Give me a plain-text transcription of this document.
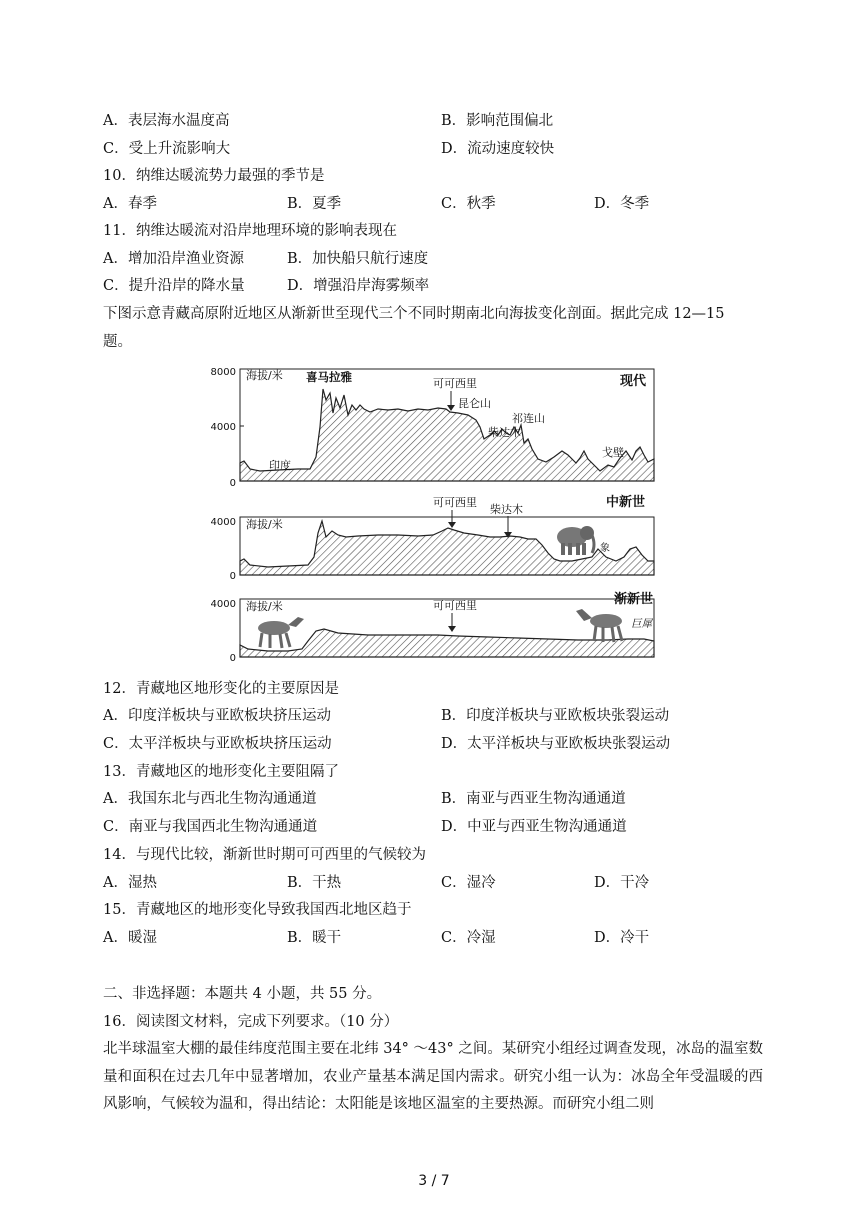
A．表层海水温度高	B．影响范围偏北
C．受上升流影响大	D．流动速度较快
10．纳维达暖流势力最强的季节是
A．春季	B．夏季	C．秋季	D．冬季
11．纳维达暖流对沿岸地理环境的影响表现在
A．增加沿岸渔业资源	B．加快船只航行速度
C．提升沿岸的降水量	D．增强沿岸海雾频率
下图示意青藏高原附近地区从渐新世至现代三个不同时期南北向海拔变化剖面。据此完成 12—15
题。
8000
4000
0
海拔/米 喜马拉雅	可可西里
昆仑山
祁连山
柴达木
印度
戈壁
现代
4000
0
海拔/米
可可西里
柴达木
象
中新世
4000
0
海拔/米	可可西里
巨犀
渐新世
12．青藏地区地形变化的主要原因是
A．印度洋板块与亚欧板块挤压运动	B．印度洋板块与亚欧板块张裂运动
C．太平洋板块与亚欧板块挤压运动	D．太平洋板块与亚欧板块张裂运动
13．青藏地区的地形变化主要阻隔了
A．我国东北与西北生物沟通通道	B．南亚与西亚生物沟通通道
C．南亚与我国西北生物沟通通道	D．中亚与西亚生物沟通通道
14．与现代比较，渐新世时期可可西里的气候较为
A．湿热	B．干热	C．湿冷	D．干冷
15．青藏地区的地形变化导致我国西北地区趋于
A．暖湿	B．暖干	C．冷湿	D．冷干
二、非选择题：本题共 4 小题，共 55 分。
16．阅读图文材料，完成下列要求。（10 分）
北半球温室大棚的最佳纬度范围主要在北纬 34° ～43° 之间。某研究小组经过调查发现，冰岛的温室数量和面积在过去几年中显著增加，农业产量基本满足国内需求。研究小组一认为：冰岛全年受温暖的西风影响，气候较为温和，得出结论：太阳能是该地区温室的主要热源。而研究小组二则
3 / 7
